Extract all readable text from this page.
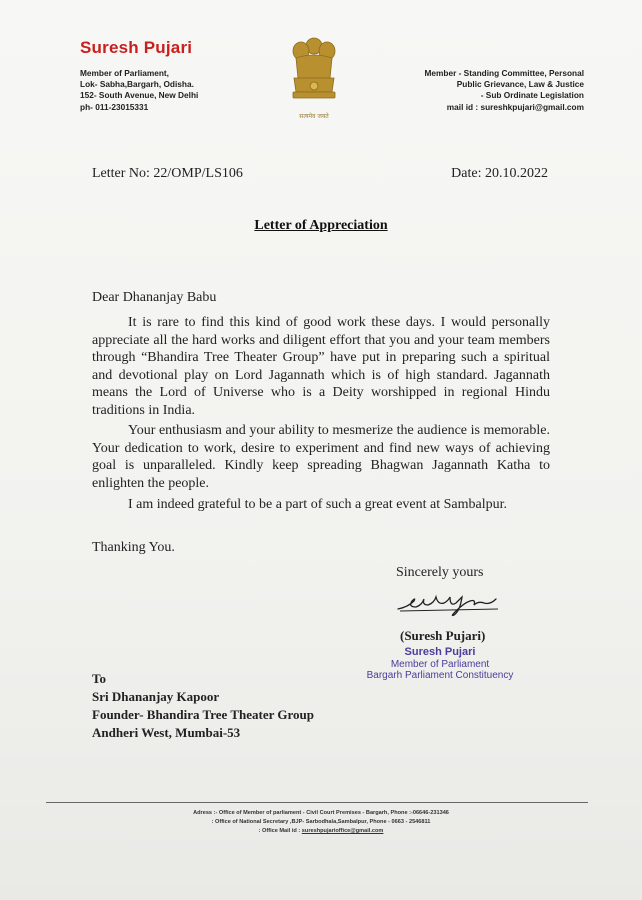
Suresh Pujari
Member of Parliament,
Lok- Sabha,Bargarh, Odisha.
152- South Avenue, New Delhi
ph- 011-23015331
सत्यमेव जयते
Member - Standing Committee, Personal
Public Grievance, Law & Justice
- Sub Ordinate Legislation
mail id : sureshkpujari@gmail.com
Letter No: 22/OMP/LS106	Date: 20.10.2022
Letter of Appreciation
Dear Dhananjay Babu

It is rare to find this kind of good work these days. I would personally appreciate all the hard works and diligent effort that you and your team members through “Bhandira Tree Theater Group” have put in preparing such a spiritual and devotional play on Lord Jagannath which is of high standard. Jagannath means the Lord of Universe who is a Deity worshipped in regional Hindu traditions in India.

Your enthusiasm and your ability to mesmerize the audience is memorable. Your dedication to work, desire to experiment and find new ways of achieving goal is unparalleled. Kindly keep spreading Bhagwan Jagannath Katha to enlighten the people.

I am indeed grateful to be a part of such a great event at Sambalpur.

Thanking You.
Sincerely yours
(Suresh Pujari)
Suresh Pujari
Member of Parliament
Bargarh Parliament Constituency
To
Sri Dhananjay Kapoor
Founder- Bhandira Tree Theater Group
Andheri West, Mumbai-53
Adress :- Office of Member of parliament - Civil Court Premises - Bargarh, Phone :-06646-231346
: Office of National Secretary ,BJP- Sarbodhala,Sambalpur, Phone - 0663 - 2546811
: Office Mail id : sureshpujarioffice@gmail.com
